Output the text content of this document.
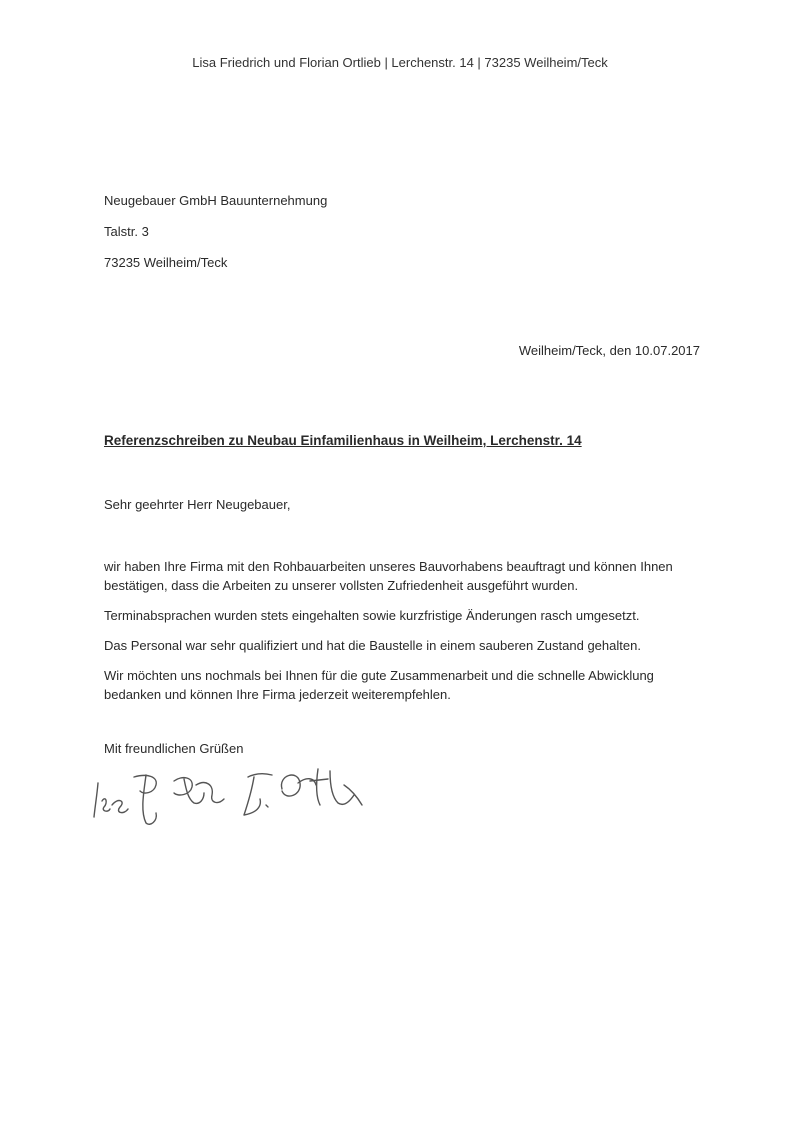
Lisa Friedrich und Florian Ortlieb | Lerchenstr. 14 | 73235 Weilheim/Teck
Neugebauer GmbH Bauunternehmung
Talstr. 3
73235 Weilheim/Teck
Weilheim/Teck, den 10.07.2017
Referenzschreiben zu Neubau Einfamilienhaus in Weilheim, Lerchenstr. 14
Sehr geehrter Herr Neugebauer,

wir haben Ihre Firma mit den Rohbauarbeiten unseres Bauvorhabens beauftragt und können Ihnen bestätigen, dass die Arbeiten zu unserer vollsten Zufriedenheit ausgeführt wurden.

Terminabsprachen wurden stets eingehalten sowie kurzfristige Änderungen rasch umgesetzt.

Das Personal war sehr qualifiziert und hat die Baustelle in einem sauberen Zustand gehalten.

Wir möchten uns nochmals bei Ihnen für die gute Zusammenarbeit und die schnelle Abwicklung bedanken und können Ihre Firma jederzeit weiterempfehlen.

Mit freundlichen Grüßen
